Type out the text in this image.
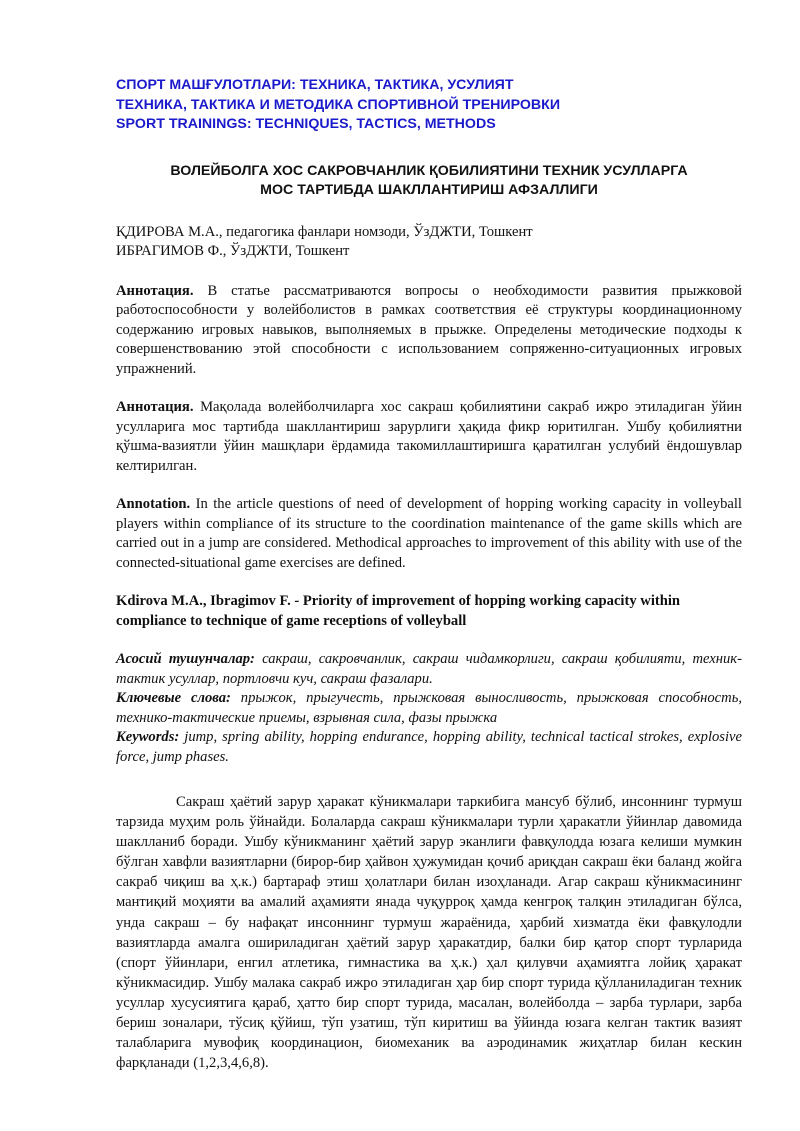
СПОРТ МАШҒУЛОТЛАРИ: ТЕХНИКА, ТАКТИКА, УСУЛИЯТ
ТЕХНИКА, ТАКТИКА И МЕТОДИКА СПОРТИВНОЙ ТРЕНИРОВКИ
SPORT TRAININGS: TECHNIQUES, TACTICS, METHODS
ВОЛЕЙБОЛГА ХОС САКРОВЧАНЛИК ҚОБИЛИЯТИНИ ТЕХНИК УСУЛЛАРГА
МОС ТАРТИБДА ШАКЛЛАНТИРИШ АФЗАЛЛИГИ
ҚДИРОВА М.А., педагогика фанлари номзоди, ЎзДЖТИ, Тошкент
ИБРАГИМОВ Ф., ЎзДЖТИ, Тошкент

Аннотация. В статье рассматриваются вопросы о необходимости развития прыжковой работоспособности у волейболистов в рамках соответствия её структуры координационному содержанию игровых навыков, выполняемых в прыжке. Определены методические подходы к совершенствованию этой способности с использованием сопряженно-ситуационных игровых упражнений.

Аннотация. Мақолада волейболчиларга хос сакраш қобилиятини сакраб ижро этиладиган ўйин усулларига мос тартибда шакллантириш зарурлиги ҳақида фикр юритилган. Ушбу қобилиятни қўшма-вазиятли ўйин машқлари ёрдамида такомиллаштиришга қаратилган услубий ёндошувлар келтирилган.

Annotation. In the article questions of need of development of hopping working capacity in volleyball players within compliance of its structure to the coordination maintenance of the game skills which are carried out in a jump are considered. Methodical approaches to improvement of this ability with use of the connected-situational game exercises are defined.

Kdirova M.A., Ibragimov F. - Priority of improvement of hopping working capacity within compliance to technique of game receptions of volleyball

Асосий тушунчалар: сакраш, сакровчанлик, сакраш чидамкорлиги, сакраш қобилияти, техник-тактик усуллар, портловчи куч, сакраш фазалари.
Ключевые слова: прыжок, прыгучесть, прыжковая выносливость, прыжковая способность, технико-тактические приемы, взрывная сила, фазы прыжка
Keywords: jump, spring ability, hopping endurance, hopping ability, technical tactical strokes, explosive force, jump phases.

Сакраш ҳаётий зарур ҳаракат кўникмалари таркибига мансуб бўлиб, инсоннинг турмуш тарзида муҳим роль ўйнайди. Болаларда сакраш кўникмалари турли ҳаракатли ўйинлар давомида шаклланиб боради. Ушбу кўникманинг ҳаётий зарур эканлиги фавқулодда юзага келиши мумкин бўлган хавфли вазиятларни (бирор-бир ҳайвон ҳужумидан қочиб ариқдан сакраш ёки баланд жойга сакраб чиқиш ва ҳ.к.) бартараф этиш ҳолатлари билан изоҳланади. Агар сакраш кўникмасининг мантиқий моҳияти ва амалий аҳамияти янада чуқурроқ ҳамда кенгроқ талқин этиладиган бўлса, унда сакраш – бу нафақат инсоннинг турмуш жараёнида, ҳарбий хизматда ёки фавқулодли вазиятларда амалга ошириладиган ҳаётий зарур ҳаракатдир, балки бир қатор спорт турларида (спорт ўйинлари, енгил атлетика, гимнастика ва ҳ.к.) ҳал қилувчи аҳамиятга лойиқ ҳаракат кўникмасидир. Ушбу малака сакраб ижро этиладиган ҳар бир спорт турида қўлланиладиган техник усуллар хусусиятига қараб, ҳатто бир спорт турида, масалан, волейболда – зарба турлари, зарба бериш зоналари, тўсиқ қўйиш, тўп узатиш, тўп киритиш ва ўйинда юзага келган тактик вазият талабларига мувофиқ координацион, биомеханик ва аэродинамик жиҳатлар билан кескин фарқланади (1,2,3,4,6,8).
